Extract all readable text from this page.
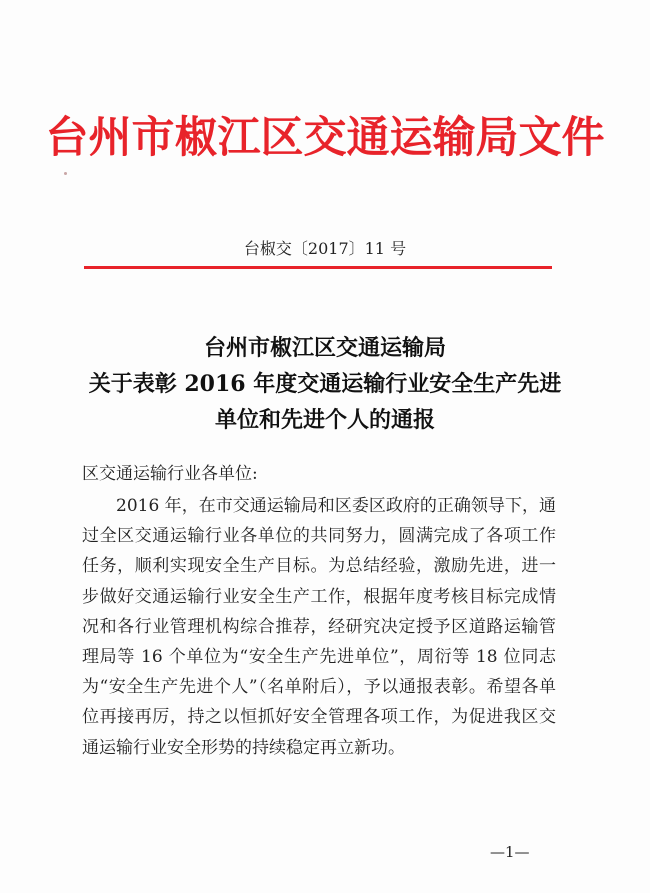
台州市椒江区交通运输局文件
台椒交〔2017〕11 号
台州市椒江区交通运输局
关于表彰 2016 年度交通运输行业安全生产先进
单位和先进个人的通报
区交通运输行业各单位:

2016 年，在市交通运输局和区委区政府的正确领导下，通过全区交通运输行业各单位的共同努力，圆满完成了各项工作任务，顺利实现安全生产目标。为总结经验，激励先进，进一步做好交通运输行业安全生产工作，根据年度考核目标完成情况和各行业管理机构综合推荐，经研究决定授予区道路运输管理局等 16 个单位为“安全生产先进单位”，周衍等 18 位同志为“安全生产先进个人”（名单附后），予以通报表彰。希望各单位再接再厉，持之以恒抓好安全管理各项工作，为促进我区交通运输行业安全形势的持续稳定再立新功。

—1—
